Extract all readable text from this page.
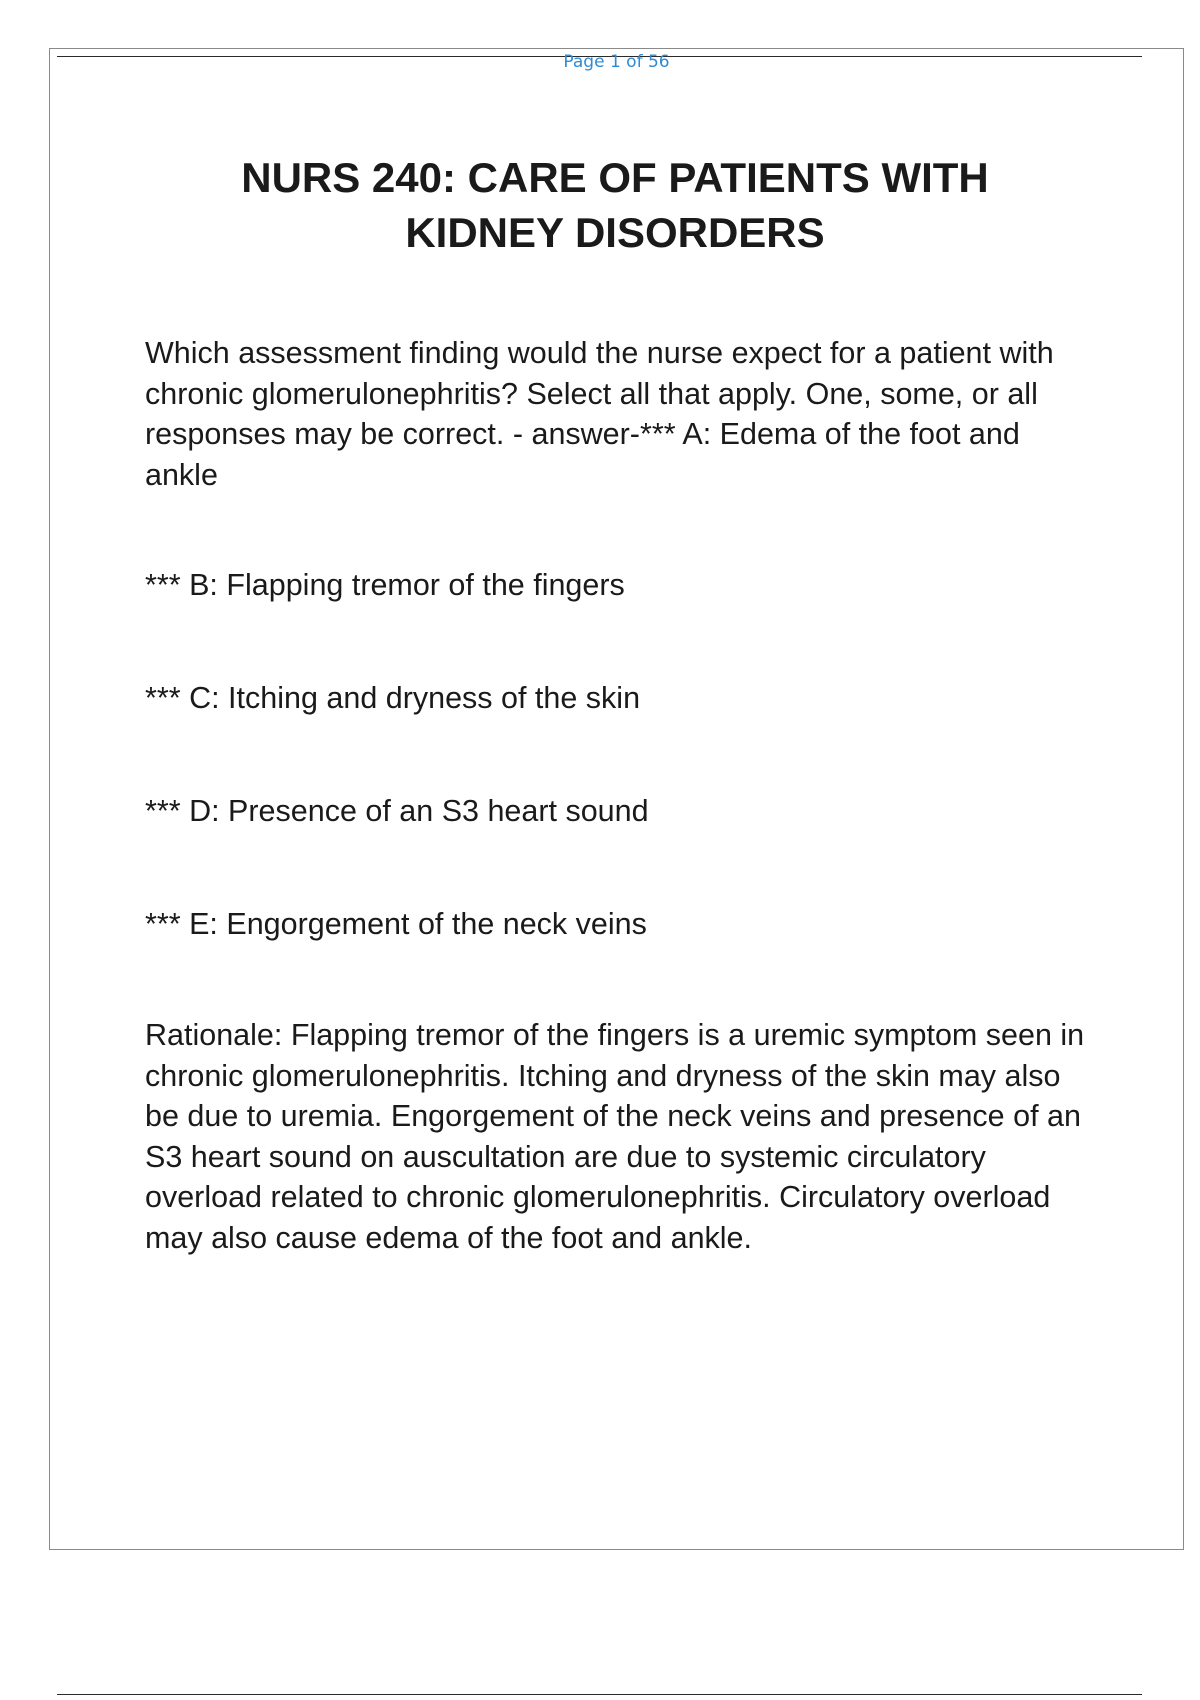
Page 1 of 56
NURS 240: CARE OF PATIENTS WITH
KIDNEY DISORDERS

Which assessment finding would the nurse expect for a patient with chronic glomerulonephritis? Select all that apply. One, some, or all responses may be correct. - answer-*** A: Edema of the foot and ankle

*** B: Flapping tremor of the fingers

*** C: Itching and dryness of the skin

*** D: Presence of an S3 heart sound

*** E: Engorgement of the neck veins

Rationale: Flapping tremor of the fingers is a uremic symptom seen in chronic glomerulonephritis. Itching and dryness of the skin may also be due to uremia. Engorgement of the neck veins and presence of an S3 heart sound on auscultation are due to systemic circulatory overload related to chronic glomerulonephritis. Circulatory overload may also cause edema of the foot and ankle.
